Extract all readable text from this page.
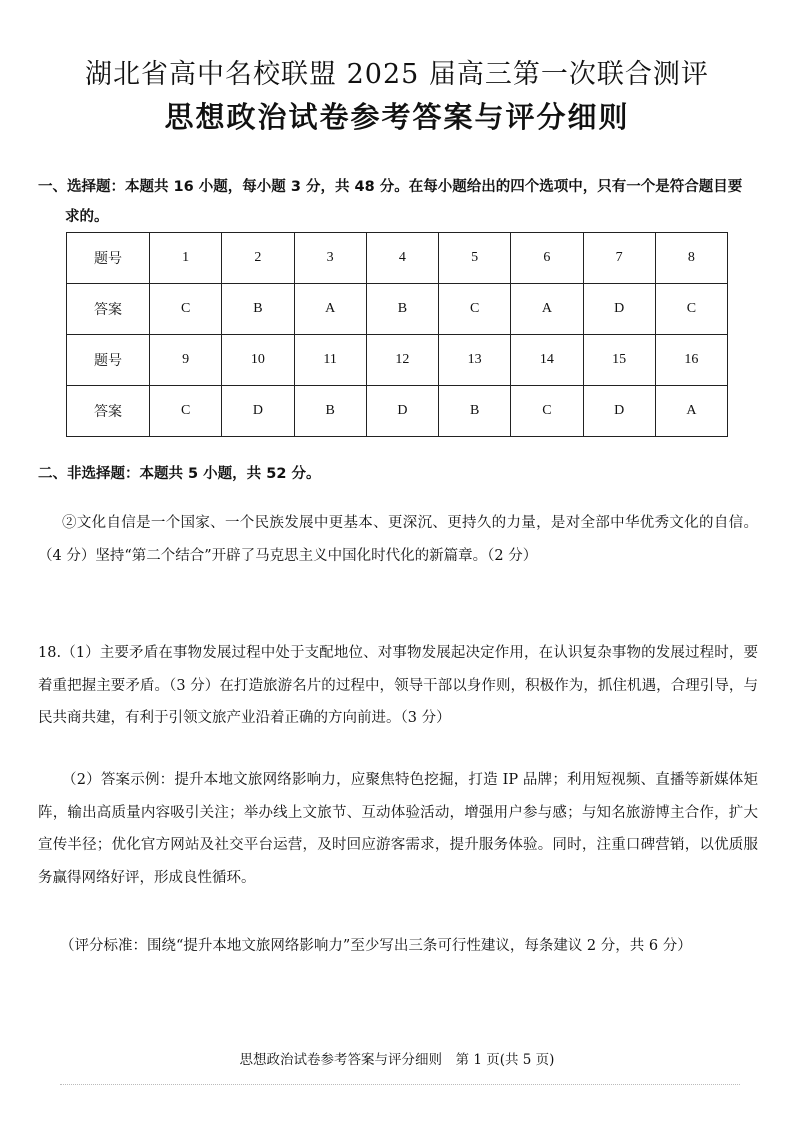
湖北省高中名校联盟 2025 届高三第一次联合测评
思想政治试卷参考答案与评分细则
一、选择题：本题共 16 小题，每小题 3 分，共 48 分。在每小题给出的四个选项中，只有一个是符合题目要
求的。
题号	1	2	3	4	5	6	7	8
答案	C	B	A	B	C	A	D	C
题号	9	10	11	12	13	14	15	16
答案	C	D	B	D	B	C	D	A
二、非选择题：本题共 5 小题，共 52 分。
②文化自信是一个国家、一个民族发展中更基本、更深沉、更持久的力量，是对全部中华优秀文化的自信。（4 分）坚持“第二个结合”开辟了马克思主义中国化时代化的新篇章。（2 分）
18.（1）主要矛盾在事物发展过程中处于支配地位、对事物发展起决定作用，在认识复杂事物的发展过程时，要着重把握主要矛盾。（3 分）在打造旅游名片的过程中，领导干部以身作则，积极作为，抓住机遇，合理引导，与民共商共建，有利于引领文旅产业沿着正确的方向前进。（3 分）
（2）答案示例：提升本地文旅网络影响力，应聚焦特色挖掘，打造 IP 品牌；利用短视频、直播等新媒体矩阵，输出高质量内容吸引关注；举办线上文旅节、互动体验活动，增强用户参与感；与知名旅游博主合作，扩大宣传半径；优化官方网站及社交平台运营，及时回应游客需求，提升服务体验。同时，注重口碑营销，以优质服务赢得网络好评，形成良性循环。
（评分标准：围绕“提升本地文旅网络影响力”至少写出三条可行性建议，每条建议 2 分，共 6 分）
思想政治试卷参考答案与评分细则　第 1 页(共 5 页)
